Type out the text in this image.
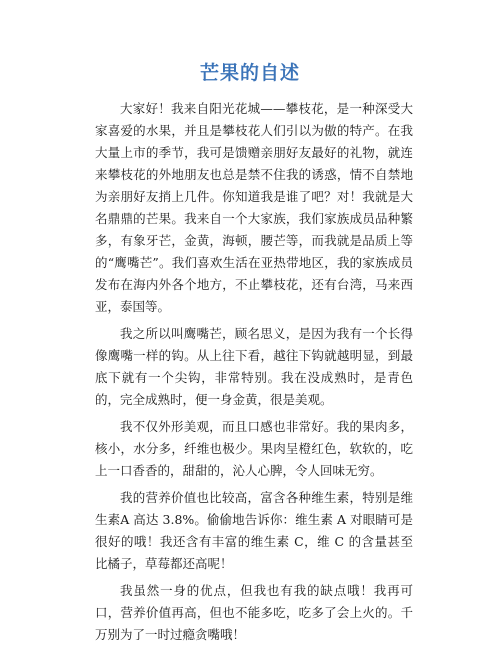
芒果的自述

大家好！我来自阳光花城——攀枝花，是一种深受大家喜爱的水果，并且是攀枝花人们引以为傲的特产。在我大量上市的季节，我可是馈赠亲朋好友最好的礼物，就连来攀枝花的外地朋友也总是禁不住我的诱惑，情不自禁地为亲朋好友捎上几件。你知道我是谁了吧？对！我就是大名鼎鼎的芒果。我来自一个大家族，我们家族成员品种繁多，有象牙芒，金黄，海顿，腰芒等，而我就是品质上等的“鹰嘴芒”。我们喜欢生活在亚热带地区，我的家族成员发布在海内外各个地方，不止攀枝花，还有台湾，马来西亚，泰国等。

我之所以叫鹰嘴芒，顾名思义，是因为我有一个长得像鹰嘴一样的钩。从上往下看，越往下钩就越明显，到最底下就有一个尖钩，非常特别。我在没成熟时，是青色的，完全成熟时，便一身金黄，很是美观。

我不仅外形美观，而且口感也非常好。我的果肉多，核小，水分多，纤维也极少。果肉呈橙红色，软软的，吃上一口香香的，甜甜的，沁人心脾，令人回味无穷。

我的营养价值也比较高，富含各种维生素，特别是维生素A 高达 3.8%。偷偷地告诉你：维生素 A 对眼睛可是很好的哦！我还含有丰富的维生素 C，维 C 的含量甚至比橘子，草莓都还高呢！

我虽然一身的优点，但我也有我的缺点哦！我再可口，营养价值再高，但也不能多吃，吃多了会上火的。千万别为了一时过瘾贪嘴哦！
